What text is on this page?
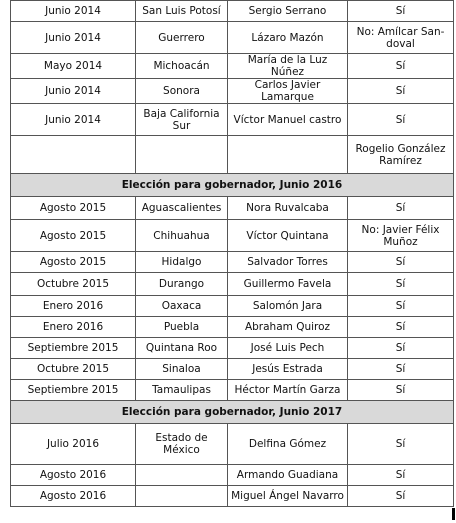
Junio 2014	San Luis Potosí	Sergio Serrano	Sí
Junio 2014	Guerrero	Lázaro Mazón	No: Amílcar San-doval
Mayo 2014	Michoacán	María de la Luz Núñez	Sí
Junio 2014	Sonora	Carlos Javier Lamarque	Sí
Junio 2014	Baja California Sur	Víctor Manuel castro	Sí
			Rogelio González Ramírez
Elección para gobernador, Junio 2016			
Agosto 2015	Aguascalientes	Nora Ruvalcaba	Sí
Agosto 2015	Chihuahua	Víctor Quintana	No: Javier Félix Muñoz
Agosto 2015	Hidalgo	Salvador Torres	Sí
Octubre 2015	Durango	Guillermo Favela	Sí
Enero 2016	Oaxaca	Salomón Jara	Sí
Enero 2016	Puebla	Abraham Quiroz	Sí
Septiembre 2015	Quintana Roo	José Luis Pech	Sí
Octubre 2015	Sinaloa	Jesús Estrada	Sí
Septiembre 2015	Tamaulipas	Héctor Martín Garza	Sí
Elección para gobernador, Junio 2017			
Julio 2016	Estado de México	Delfina Gómez	Sí
Agosto 2016		Armando Guadiana	Sí
Agosto 2016		Miguel Ángel Navarro	Sí
